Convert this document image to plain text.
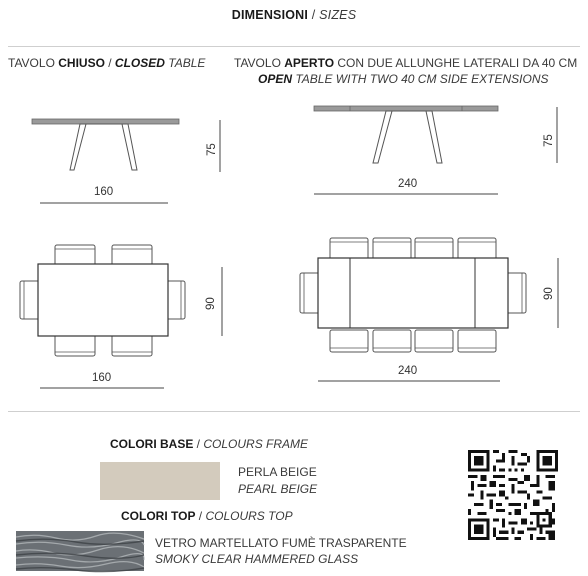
DIMENSIONI / SIZES
TAVOLO CHIUSO / CLOSED TABLE TAVOLO APERTO CON DUE ALLUNGHE LATERALI DA 40 CM
OPEN TABLE WITH TWO 40 CM SIDE EXTENSIONS
75
160
75
240
90
160
90
240
COLORI BASE / COLOURS FRAME
PERLA BEIGE
PEARL BEIGE
COLORI TOP / COLOURS TOP
VETRO MARTELLATO FUMÈ TRASPARENTE
SMOKY CLEAR HAMMERED GLASS
